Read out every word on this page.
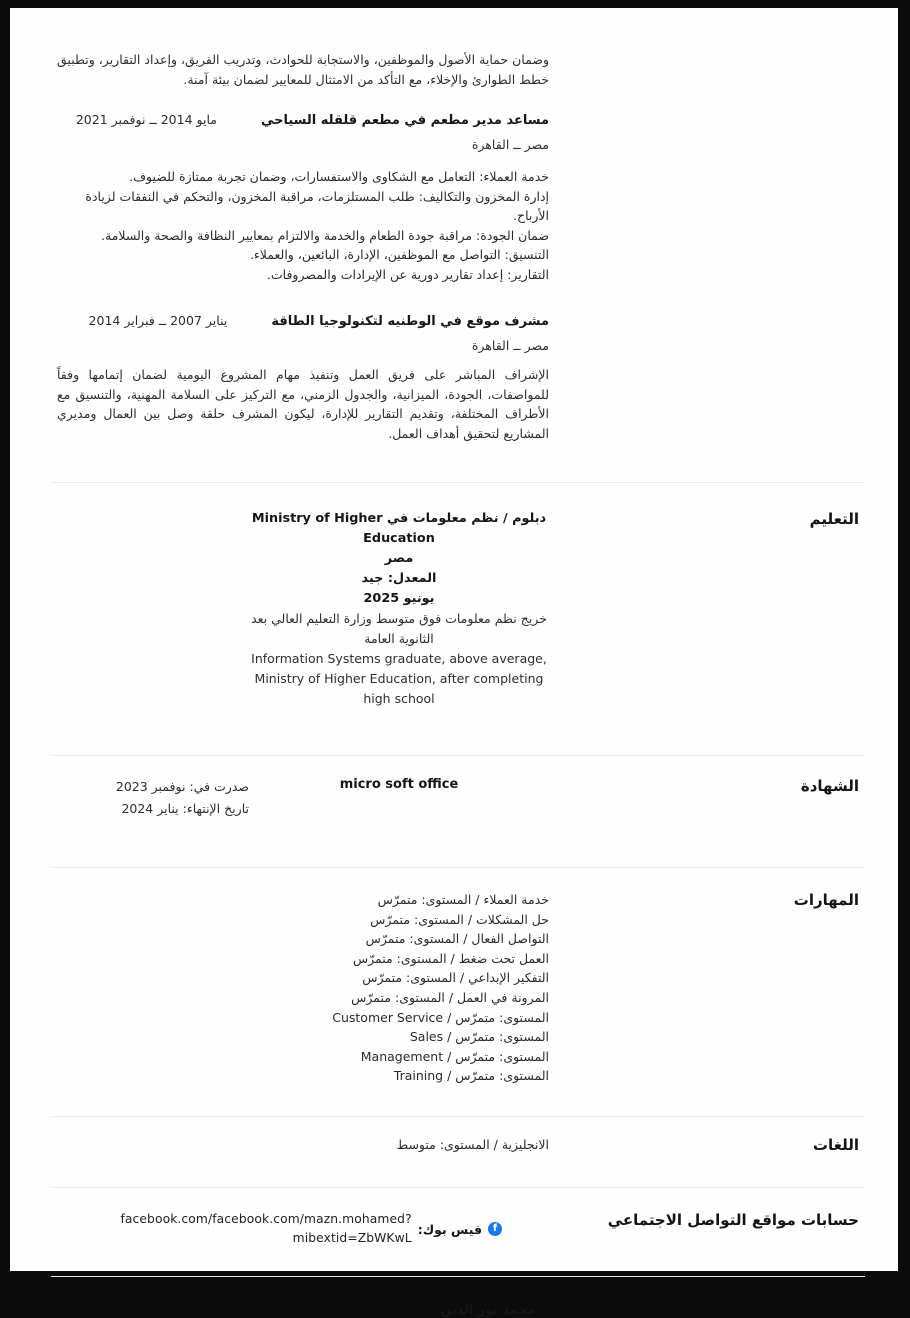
وضمان حماية الأصول والموظفين، والاستجابة للحوادث، وتدريب الفريق، وإعداد التقارير، وتطبيق خطط الطوارئ والإخلاء، مع التأكد من الامتثال للمعايير لضمان بيئة آمنة.
مساعد مدير مطعم في مطعم قلقله السياحي
مايو 2014 ــ نوفمبر 2021
مصر ــ القاهرة
خدمة العملاء: التعامل مع الشكاوى والاستفسارات، وضمان تجربة ممتازة للضيوف.
إدارة المخزون والتكاليف: طلب المستلزمات، مراقبة المخزون، والتحكم في النفقات لزيادة الأرباح.
ضمان الجودة: مراقبة جودة الطعام والخدمة والالتزام بمعايير النظافة والصحة والسلامة.
التنسيق: التواصل مع الموظفين، الإدارة، البائعين، والعملاء.
التقارير: إعداد تقارير دورية عن الإيرادات والمصروفات.
مشرف موقع في الوطنيه لتكنولوجيا الطاقة
يناير 2007 ــ فبراير 2014
مصر ــ القاهرة
الإشراف المباشر على فريق العمل وتنفيذ مهام المشروع اليومية لضمان إتمامها وفقاً للمواصفات، الجودة، الميزانية، والجدول الزمني، مع التركيز على السلامة المهنية، والتنسيق مع الأطراف المختلفة، وتقديم التقارير للإدارة، ليكون المشرف حلقة وصل بين العمال ومديري المشاريع لتحقيق أهداف العمل.
التعليم
دبلوم / نظم معلومات في Ministry of Higher Education
مصر
المعدل: جيد
يونيو 2025
خريج نظم معلومات فوق متوسط وزارة التعليم العالي بعد الثانوية العامة
Information Systems graduate, above average, Ministry of Higher Education, after completing high school
الشهادة
micro soft office
صدرت في: نوفمبر 2023
تاريخ الإنتهاء: يناير 2024
المهارات
خدمة العملاء / المستوى: متمرّس
حل المشكلات / المستوى: متمرّس
التواصل الفعال / المستوى: متمرّس
العمل تحت ضغط / المستوى: متمرّس
التفكير الإبداعي / المستوى: متمرّس
المرونة في العمل / المستوى: متمرّس
Customer Service / المستوى: متمرّس
Sales / المستوى: متمرّس
Management / المستوى: متمرّس
Training / المستوى: متمرّس
اللغات
الانجليزية / المستوى: متوسط
حسابات مواقع التواصل الاجتماعي
f
فيس بوك:
facebook.com/facebook.com/mazn.mohamed?mibextid=ZbWKwL
محمد نور الدين
